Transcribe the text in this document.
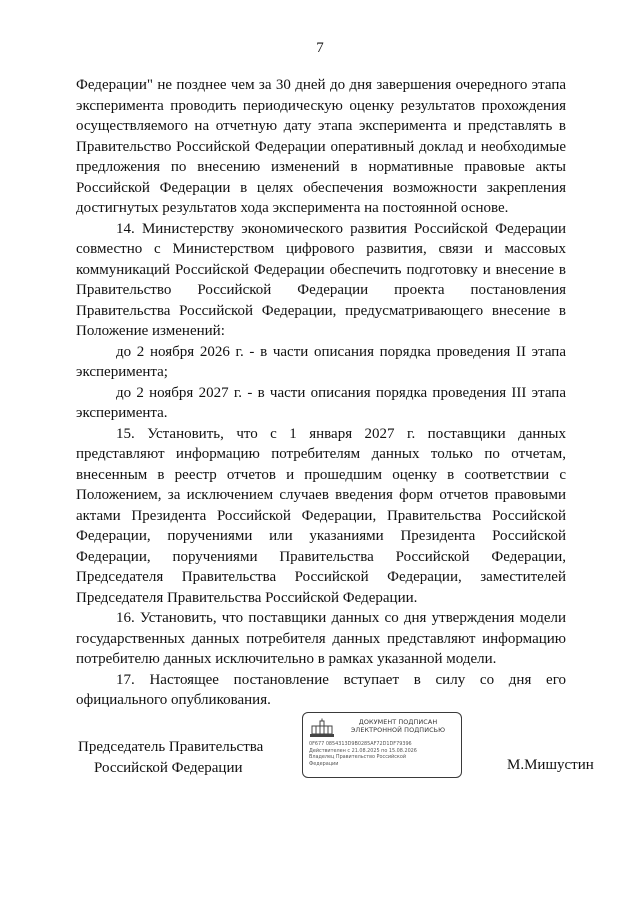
7

Федерации" не позднее чем за 30 дней до дня завершения очередного этапа эксперимента проводить периодическую оценку результатов прохождения осуществляемого на отчетную дату этапа эксперимента и представлять в Правительство Российской Федерации оперативный доклад и необходимые предложения по внесению изменений в нормативные правовые акты Российской Федерации в целях обеспечения возможности закрепления достигнутых результатов хода эксперимента на постоянной основе.

14. Министерству экономического развития Российской Федерации совместно с Министерством цифрового развития, связи и массовых коммуникаций Российской Федерации обеспечить подготовку и внесение в Правительство Российской Федерации проекта постановления Правительства Российской Федерации, предусматривающего внесение в Положение изменений:

до 2 ноября 2026 г. - в части описания порядка проведения II этапа эксперимента;

до 2 ноября 2027 г. - в части описания порядка проведения III этапа эксперимента.

15. Установить, что с 1 января 2027 г. поставщики данных представляют информацию потребителям данных только по отчетам, внесенным в реестр отчетов и прошедшим оценку в соответствии с Положением, за исключением случаев введения форм отчетов правовыми актами Президента Российской Федерации, Правительства Российской Федерации, поручениями или указаниями Президента Российской Федерации, поручениями Правительства Российской Федерации, Председателя Правительства Российской Федерации, заместителей Председателя Правительства Российской Федерации.

16. Установить, что поставщики данных со дня утверждения модели государственных данных потребителя данных представляют информацию потребителю данных исключительно в рамках указанной модели.

17. Настоящее постановление вступает в силу со дня его официального опубликования.

Председатель Правительства
Российской Федерации
ДОКУМЕНТ ПОДПИСАН
ЭЛЕКТРОННОЙ ПОДПИСЬЮ
0F677 0854313D9B0285AF72D1DF79396
Действителен с 21.08.2025 по 15.08.2026
Владелец Правительство Российской
Федерации	М.Мишустин
